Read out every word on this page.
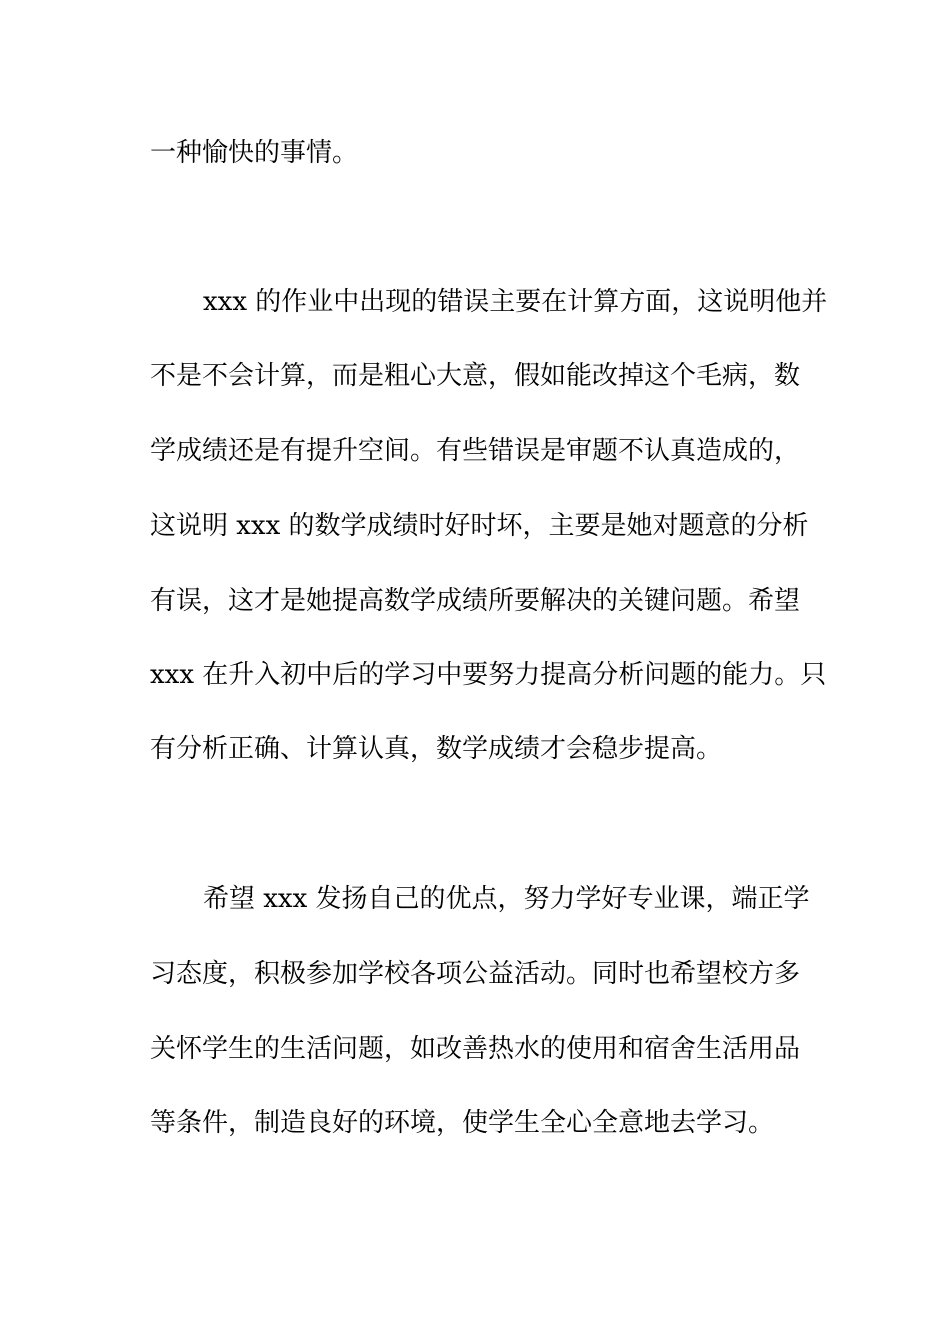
一种愉快的事情。

xxx 的作业中出现的错误主要在计算方面，这说明他并

不是不会计算，而是粗心大意，假如能改掉这个毛病，数

学成绩还是有提升空间。有些错误是审题不认真造成的，

这说明 xxx 的数学成绩时好时坏，主要是她对题意的分析

有误，这才是她提高数学成绩所要解决的关键问题。希望

xxx 在升入初中后的学习中要努力提高分析问题的能力。只

有分析正确、计算认真，数学成绩才会稳步提高。

希望 xxx 发扬自己的优点，努力学好专业课，端正学

习态度，积极参加学校各项公益活动。同时也希望校方多

关怀学生的生活问题，如改善热水的使用和宿舍生活用品

等条件，制造良好的环境，使学生全心全意地去学习。
